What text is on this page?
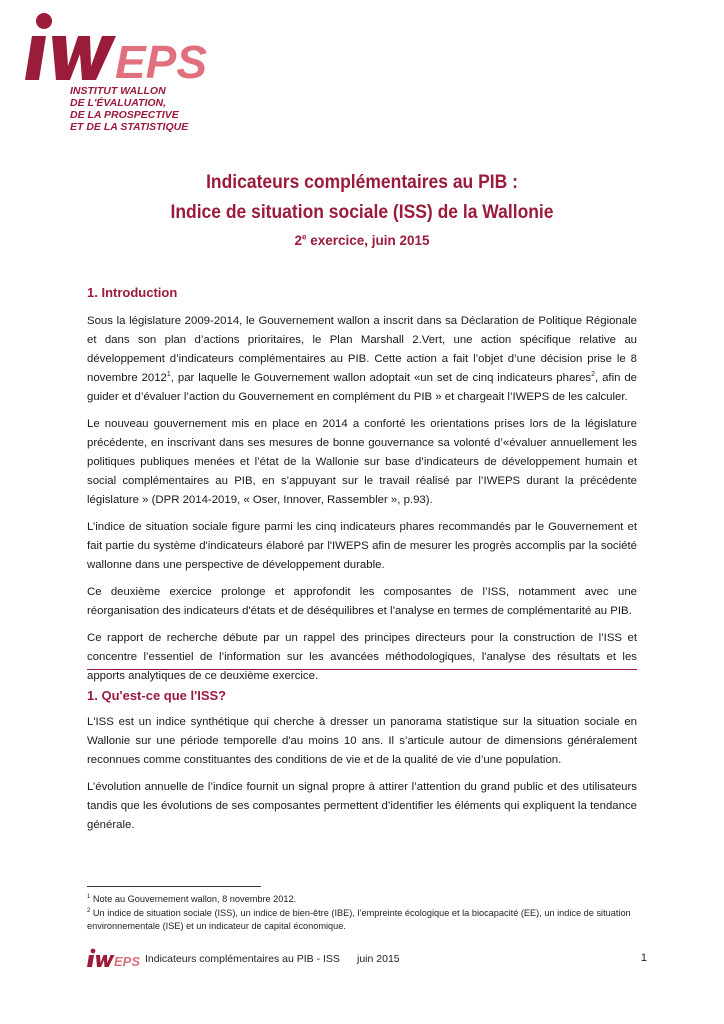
EPS
INSTITUT WALLON
DE L'ÉVALUATION,
DE LA PROSPECTIVE
ET DE LA STATISTIQUE
Indicateurs complémentaires au PIB :
Indice de situation sociale (ISS) de la Wallonie
2e exercice, juin 2015
1. Introduction

Sous la législature 2009-2014, le Gouvernement wallon a inscrit dans sa Déclaration de Politique Régionale et dans son plan d’actions prioritaires, le Plan Marshall 2.Vert, une action spécifique relative au développement d’indicateurs complémentaires au PIB. Cette action a fait l’objet d’une décision prise le 8 novembre 2012$^1$, par laquelle le Gouvernement wallon adoptait «un set de cinq indicateurs phares$^2$, afin de guider et d’évaluer l’action du Gouvernement en complément du PIB » et chargeait l’IWEPS de les calculer.

Le nouveau gouvernement mis en place en 2014 a conforté les orientations prises lors de la législature précédente, en inscrivant dans ses mesures de bonne gouvernance sa volonté d’«évaluer annuellement les politiques publiques menées et l’état de la Wallonie sur base d’indicateurs de développement humain et social complémentaires au PIB, en s’appuyant sur le travail réalisé par l’IWEPS durant la précédente législature » (DPR 2014-2019, « Oser, Innover, Rassembler », p.93).

L’indice de situation sociale figure parmi les cinq indicateurs phares recommandés par le Gouvernement et fait partie du système d'indicateurs élaboré par l'IWEPS afin de mesurer les progrès accomplis par la société wallonne dans une perspective de développement durable.

Ce deuxième exercice prolonge et approfondit les composantes de l’ISS, notamment avec une réorganisation des indicateurs d'états et de déséquilibres et l’analyse en termes de complémentarité au PIB.

Ce rapport de recherche débute par un rappel des principes directeurs pour la construction de l’ISS et concentre l’essentiel de l’information sur les avancées méthodologiques, l'analyse des résultats et les apports analytiques de ce deuxième exercice.

1. Qu'est-ce que l'ISS?

L'ISS est un indice synthétique qui cherche à dresser un panorama statistique sur la situation sociale en Wallonie sur une période temporelle d'au moins 10 ans. Il s’articule autour de dimensions généralement reconnues comme constituantes des conditions de vie et de la qualité de vie d’une population.

L’évolution annuelle de l’indice fournit un signal propre à attirer l’attention du grand public et des utilisateurs tandis que les évolutions de ses composantes permettent d’identifier les éléments qui expliquent la tendance générale.

$^1$ Note au Gouvernement wallon, 8 novembre 2012.
$^2$ Un indice de situation sociale (ISS), un indice de bien-être (IBE), l’empreinte écologique et la biocapacité (EE), un indice de situation environnementale (ISE) et un indicateur de capital économique.
EPS Indicateurs complémentaires au PIB - ISS juin 2015	1
